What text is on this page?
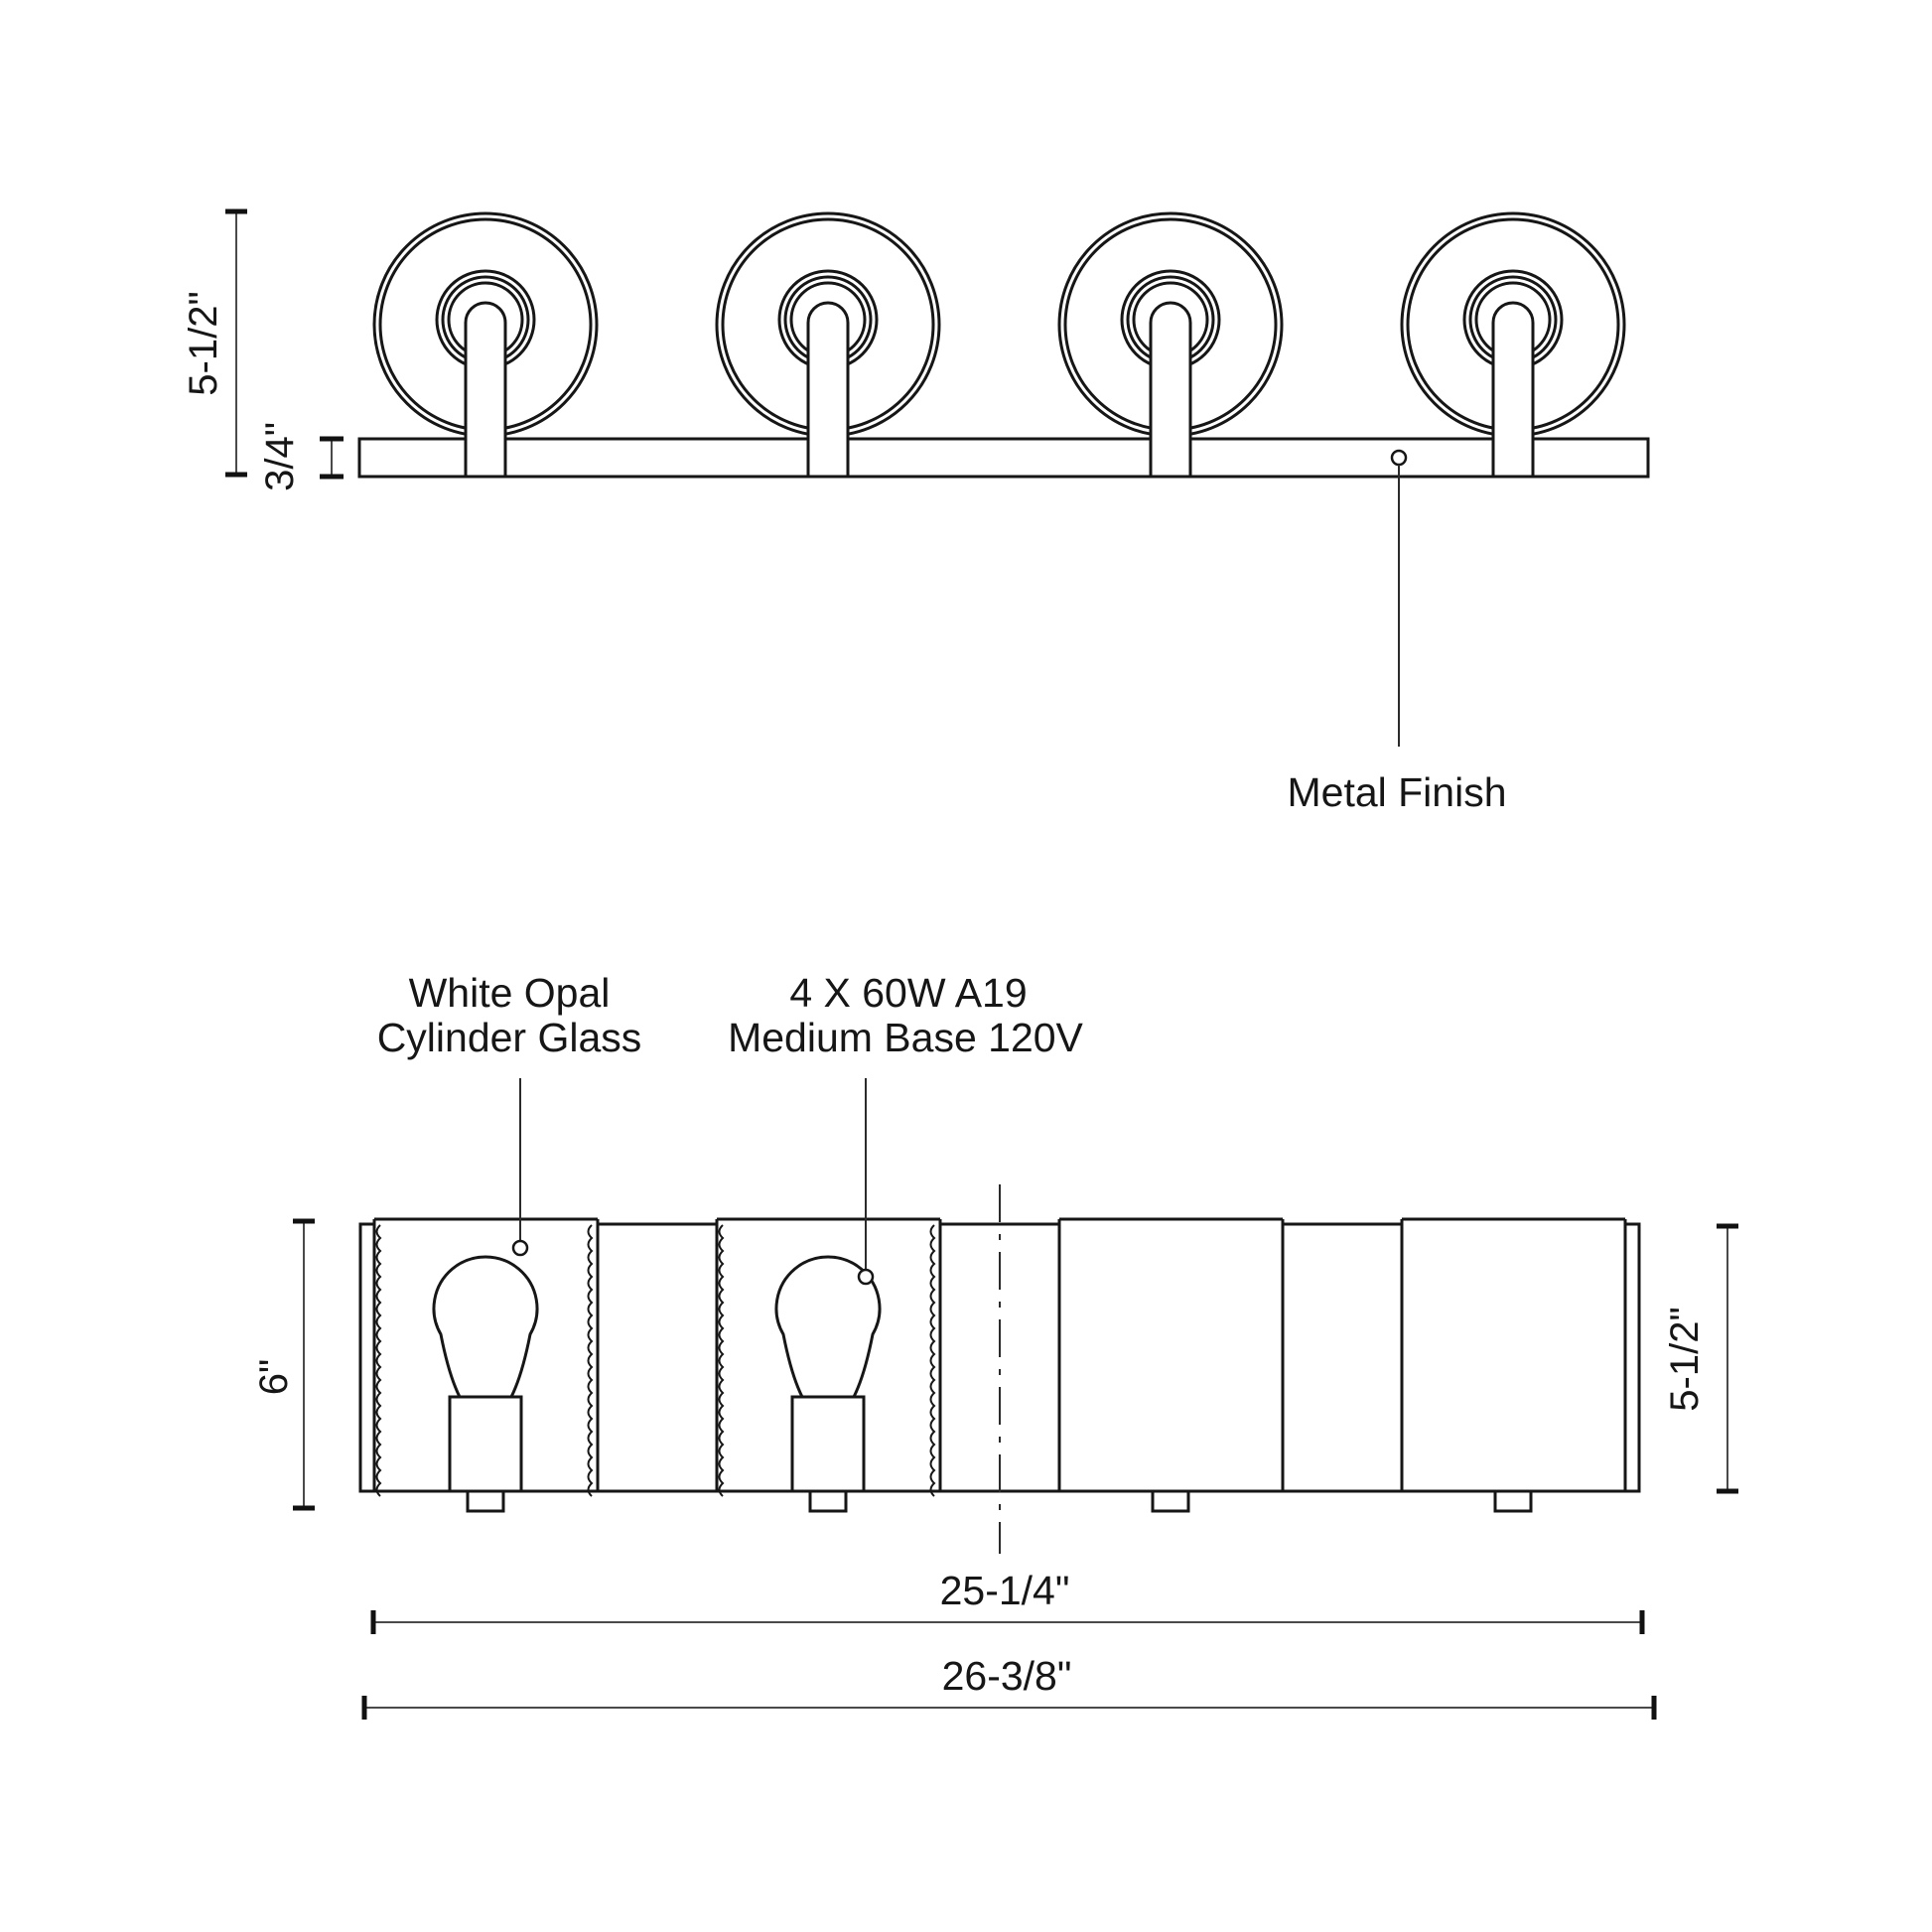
Metal Finish
5-1/2"
3/4"
White Opal
Cylinder Glass
4 X 60W A19
Medium Base 120V
6"	5-1/2"
25-1/4"
26-3/8"
